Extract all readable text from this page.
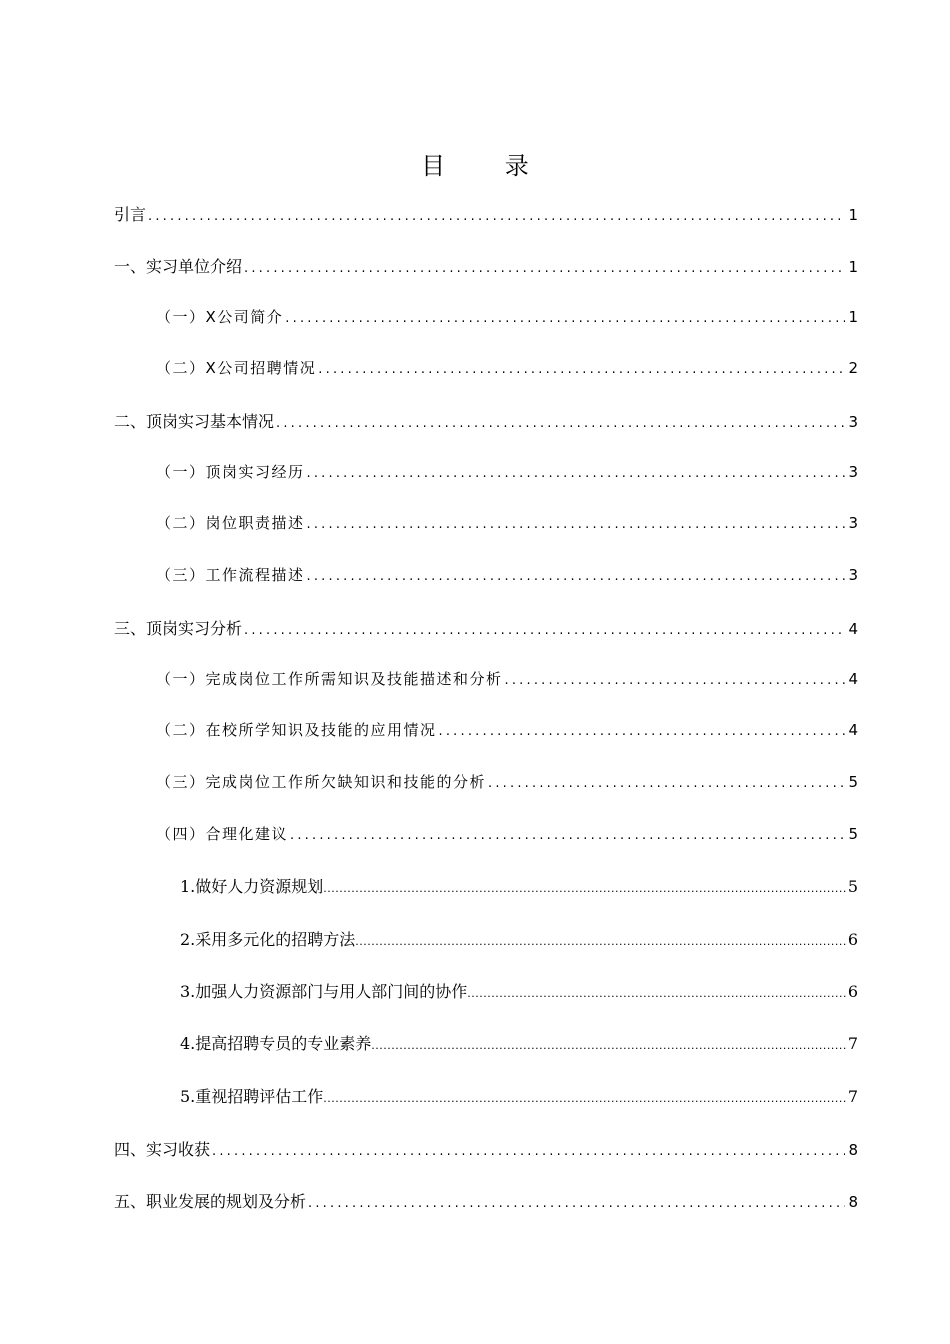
目 录
引言 .....	1
一、实习单位介绍 .....	1
（一）X公司简介 .....	1
（二）X公司招聘情况 .....	2
二、顶岗实习基本情况 .....	3
（一）顶岗实习经历 .....	3
（二）岗位职责描述 .....	3
（三）工作流程描述 .....	3
三、顶岗实习分析 .....	4
（一）完成岗位工作所需知识及技能描述和分析 .....	4
（二）在校所学知识及技能的应用情况 .....	4
（三）完成岗位工作所欠缺知识和技能的分析 .....	5
（四）合理化建议 .....	5
1.做好人力资源规划 .....	5
2.采用多元化的招聘方法 .....	6
3.加强人力资源部门与用人部门间的协作 .....	6
4.提高招聘专员的专业素养 .....	7
5.重视招聘评估工作 .....	7
四、实习收获 .....	8
五、职业发展的规划及分析 .....	8
